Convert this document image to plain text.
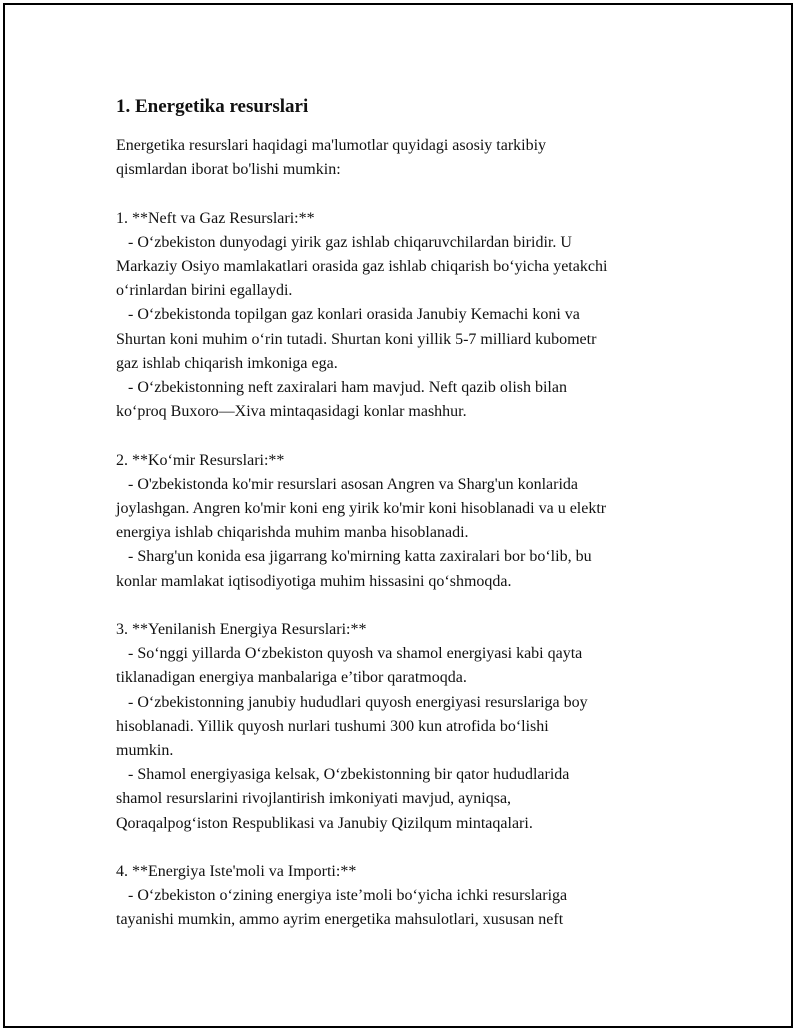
1. Energetika resurslari
Energetika resurslari haqidagi ma'lumotlar quyidagi asosiy tarkibiy
qismlardan iborat bo'lishi mumkin:
1. **Neft va Gaz Resurslari:**
- O‘zbekiston dunyodagi yirik gaz ishlab chiqaruvchilardan biridir. U
Markaziy Osiyo mamlakatlari orasida gaz ishlab chiqarish bo‘yicha yetakchi
o‘rinlardan birini egallaydi.
- O‘zbekistonda topilgan gaz konlari orasida Janubiy Kemachi koni va
Shurtan koni muhim o‘rin tutadi. Shurtan koni yillik 5-7 milliard kubometr
gaz ishlab chiqarish imkoniga ega.
- O‘zbekistonning neft zaxiralari ham mavjud. Neft qazib olish bilan
ko‘proq Buxoro—Xiva mintaqasidagi konlar mashhur.
2. **Ko‘mir Resurslari:**
- O'zbekistonda ko'mir resurslari asosan Angren va Sharg'un konlarida
joylashgan. Angren ko'mir koni eng yirik ko'mir koni hisoblanadi va u elektr
energiya ishlab chiqarishda muhim manba hisoblanadi.
- Sharg'un konida esa jigarrang ko'mirning katta zaxiralari bor bo‘lib, bu
konlar mamlakat iqtisodiyotiga muhim hissasini qo‘shmoqda.
3. **Yenilanish Energiya Resurslari:**
- So‘nggi yillarda O‘zbekiston quyosh va shamol energiyasi kabi qayta
tiklanadigan energiya manbalariga e’tibor qaratmoqda.
- O‘zbekistonning janubiy hududlari quyosh energiyasi resurslariga boy
hisoblanadi. Yillik quyosh nurlari tushumi 300 kun atrofida bo‘lishi
mumkin.
- Shamol energiyasiga kelsak, O‘zbekistonning bir qator hududlarida
shamol resurslarini rivojlantirish imkoniyati mavjud, ayniqsa,
Qoraqalpog‘iston Respublikasi va Janubiy Qizilqum mintaqalari.
4. **Energiya Iste'moli va Importi:**
- O‘zbekiston o‘zining energiya iste’moli bo‘yicha ichki resurslariga
tayanishi mumkin, ammo ayrim energetika mahsulotlari, xususan neft
